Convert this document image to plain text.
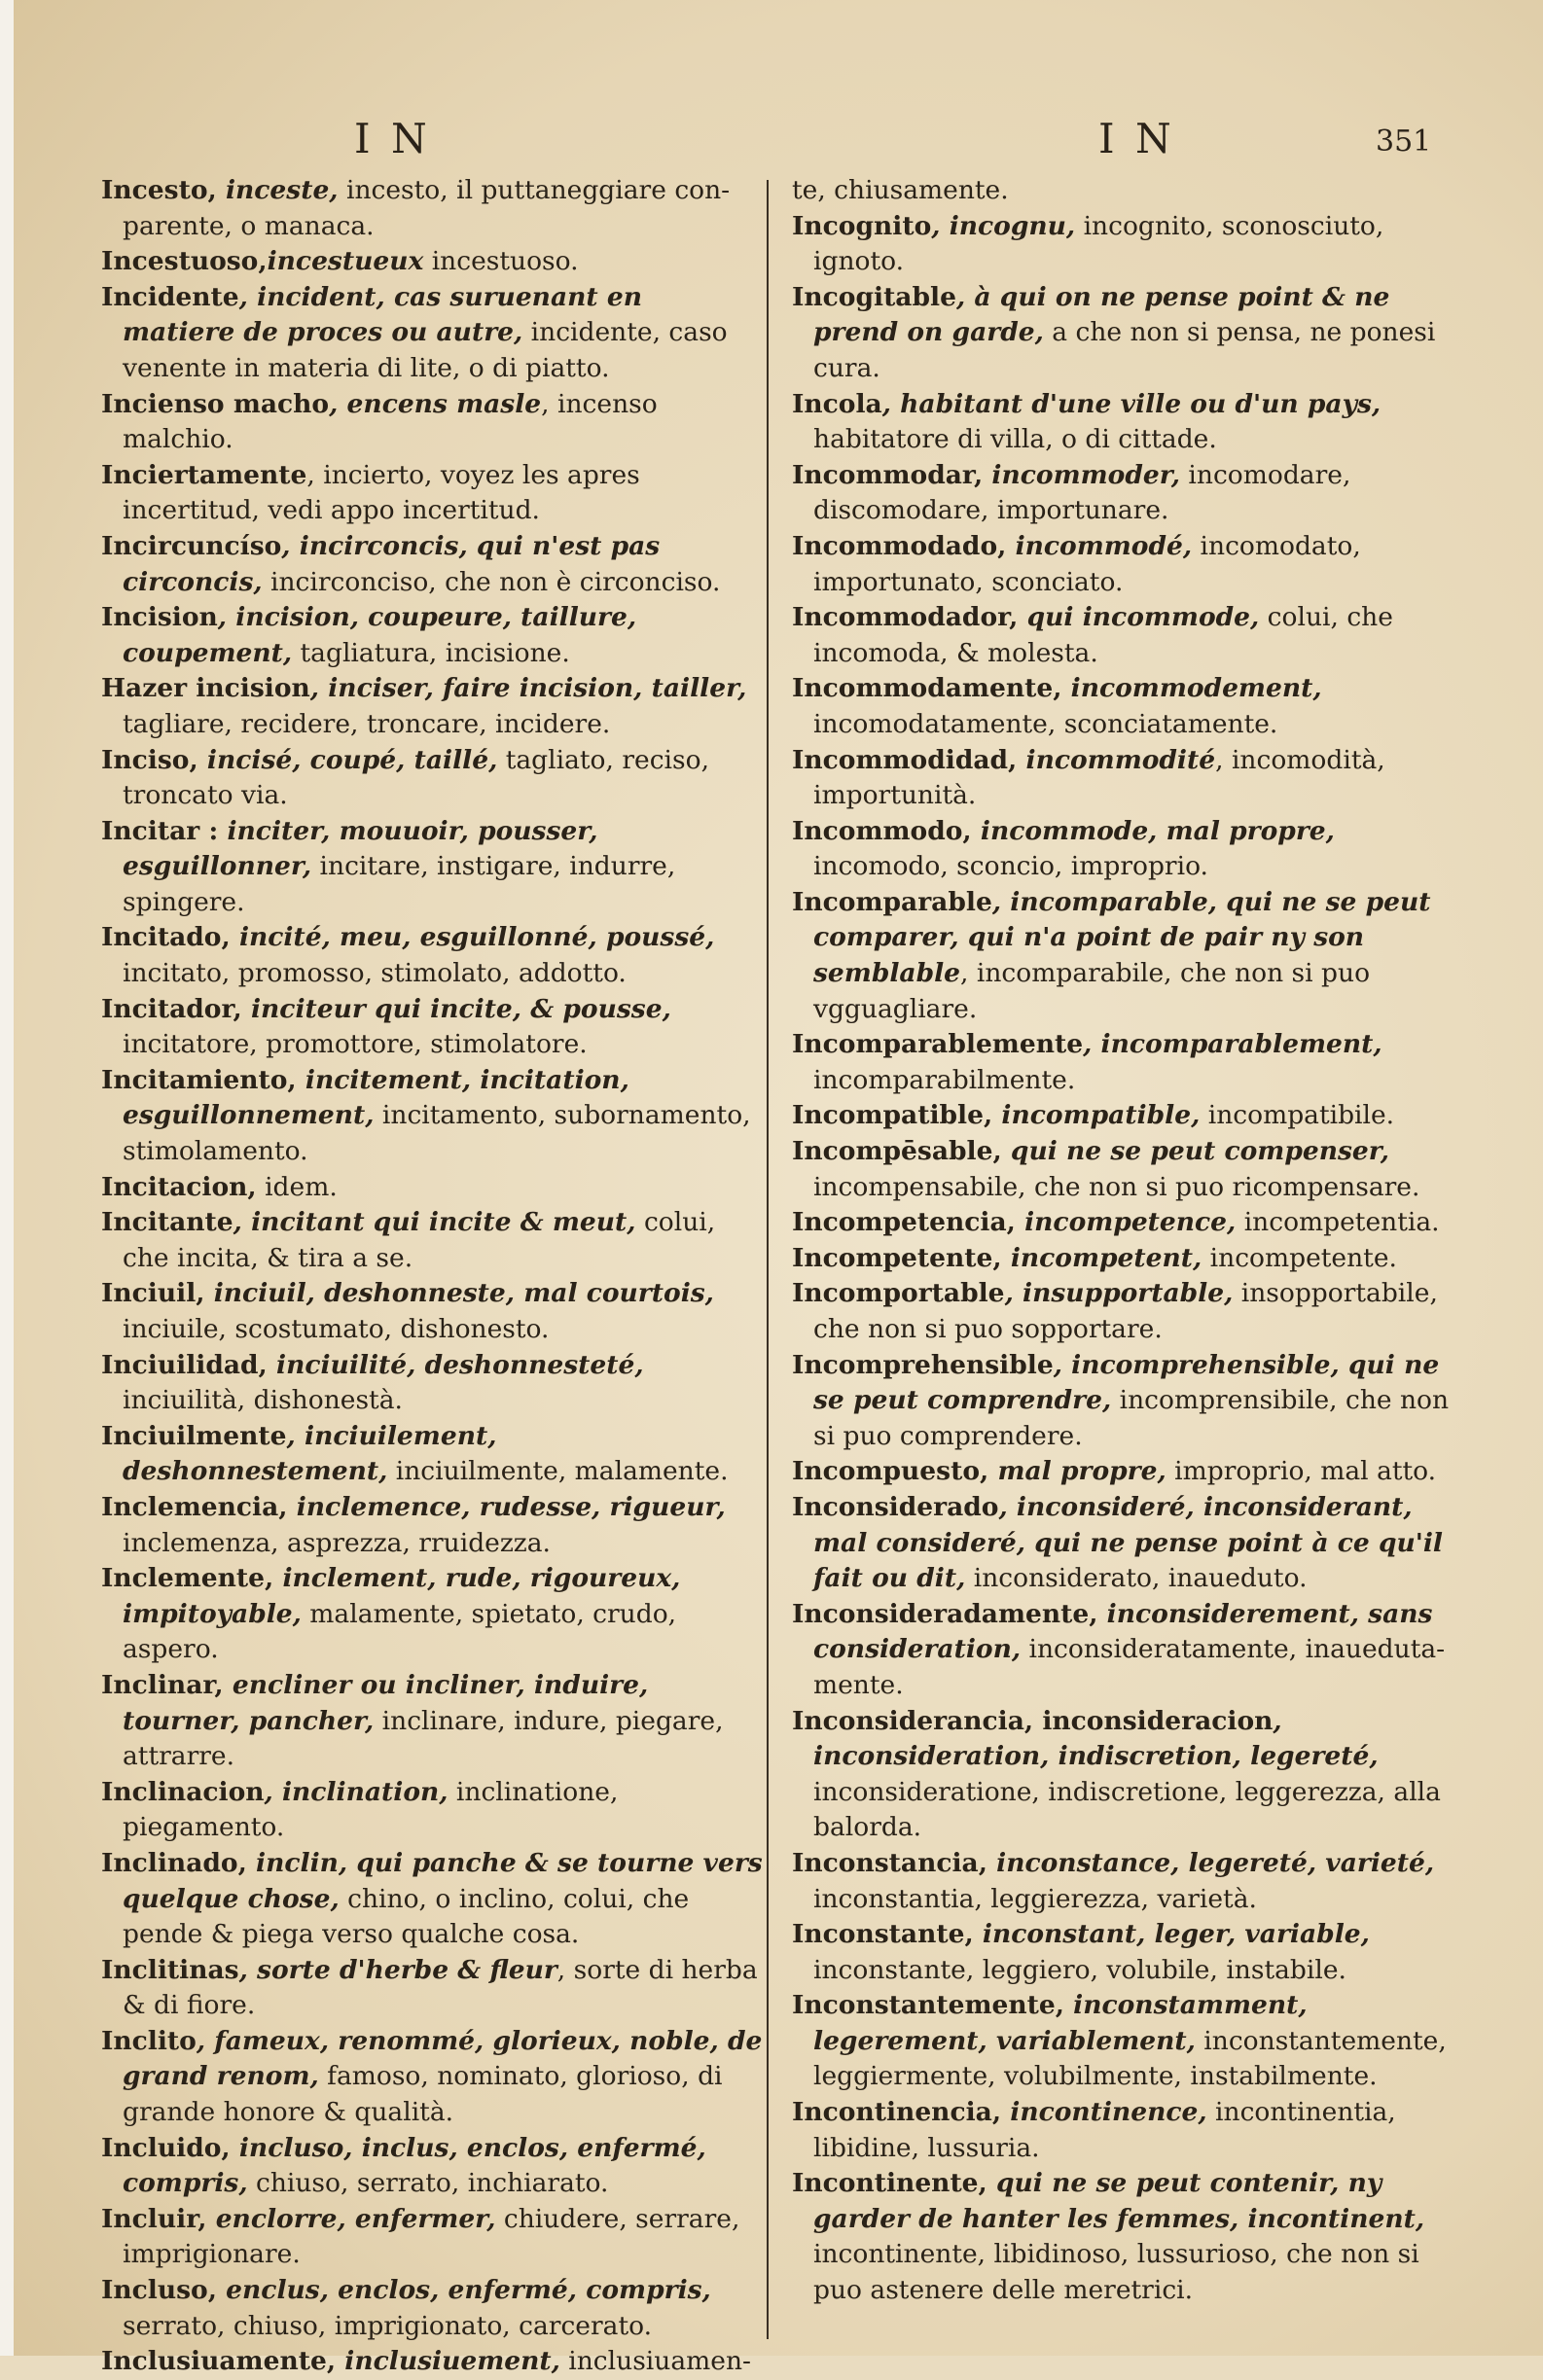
I N	I N	351

Incesto, inceste, incesto, il puttaneggiare con-parente, o manaca.

Incestuoso,incestueux incestuoso.

Incidente, incident, cas suruenant en matiere de proces ou autre, incidente, caso venente in materia di lite, o di piatto.

Incienso macho, encens masle, incenso malchio.

Inciertamente, incierto, voyez les apres incertitud, vedi appo incertitud.

Incircuncíso, incirconcis, qui n'est pas circoncis, incirconciso, che non è circonciso.

Incision, incision, coupeure, taillure, coupement, tagliatura, incisione.

Hazer incision, inciser, faire incision, tailler, tagliare, recidere, troncare, incidere.

Inciso, incisé, coupé, taillé, tagliato, reciso, troncato via.

Incitar : inciter, mouuoir, pousser, esguillonner, incitare, instigare, indurre, spingere.

Incitado, incité, meu, esguillonné, poussé, incitato, promosso, stimolato, addotto.

Incitador, inciteur qui incite, & pousse, incitatore, promottore, stimolatore.

Incitamiento, incitement, incitation, esguillonnement, incitamento, subornamento, stimolamento.

Incitacion, idem.

Incitante, incitant qui incite & meut, colui, che incita, & tira a se.

Inciuil, inciuil, deshonneste, mal courtois, inciuile, scostumato, dishonesto.

Inciuilidad, inciuilité, deshonnesteté, inciuilità, dishonestà.

Inciuilmente, inciuilement, deshonnestement, inciuilmente, malamente.

Inclemencia, inclemence, rudesse, rigueur, inclemenza, asprezza, rruidezza.

Inclemente, inclement, rude, rigoureux, impitoyable, malamente, spietato, crudo, aspero.

Inclinar, encliner ou incliner, induire, tourner, pancher, inclinare, indure, piegare, attrarre.

Inclinacion, inclination, inclinatione, piegamento.

Inclinado, inclin, qui panche & se tourne vers quelque chose, chino, o inclino, colui, che pende & piega verso qualche cosa.

Inclitinas, sorte d'herbe & fleur, sorte di herba & di fiore.

Inclito, fameux, renommé, glorieux, noble, de grand renom, famoso, nominato, glorioso, di grande honore & qualità.

Incluido, incluso, inclus, enclos, enfermé, compris, chiuso, serrato, inchiarato.

Incluir, enclorre, enfermer, chiudere, serrare, imprigionare.

Incluso, enclus, enclos, enfermé, compris, serrato, chiuso, imprigionato, carcerato.

Inclusiuamente, inclusiuement, inclusiuamen-

te, chiusamente.

Incognito, incognu, incognito, sconosciuto, ignoto.

Incogitable, à qui on ne pense point & ne prend on garde, a che non si pensa, ne ponesi cura.

Incola, habitant d'une ville ou d'un pays, habitatore di villa, o di cittade.

Incommodar, incommoder, incomodare, discomodare, importunare.

Incommodado, incommodé, incomodato, importunato, sconciato.

Incommodador, qui incommode, colui, che incomoda, & molesta.

Incommodamente, incommodement, incomodatamente, sconciatamente.

Incommodidad, incommodité, incomodità, importunità.

Incommodo, incommode, mal propre, incomodo, sconcio, improprio.

Incomparable, incomparable, qui ne se peut comparer, qui n'a point de pair ny son semblable, incomparabile, che non si puo vgguagliare.

Incomparablemente, incomparablement, incomparabilmente.

Incompatible, incompatible, incompatibile.

Incompēsable, qui ne se peut compenser, incompensabile, che non si puo ricompensare.

Incompetencia, incompetence, incompetentia.

Incompetente, incompetent, incompetente.

Incomportable, insupportable, insopportabile, che non si puo sopportare.

Incomprehensible, incomprehensible, qui ne se peut comprendre, incomprensibile, che non si puo comprendere.

Incompuesto, mal propre, improprio, mal atto.

Inconsiderado, inconsideré, inconsiderant, mal consideré, qui ne pense point à ce qu'il fait ou dit, inconsiderato, inaueduto.

Inconsideradamente, inconsiderement, sans consideration, inconsideratamente, inaueduta-mente.

Inconsiderancia, inconsideracion, inconsideration, indiscretion, legereté, inconsideratione, indiscretione, leggerezza, alla balorda.

Inconstancia, inconstance, legereté, varieté, inconstantia, leggierezza, varietà.

Inconstante, inconstant, leger, variable, inconstante, leggiero, volubile, instabile.

Inconstantemente, inconstamment, legerement, variablement, inconstantemente, leggiermente, volubilmente, instabilmente.

Incontinencia, incontinence, incontinentia, libidine, lussuria.

Incontinente, qui ne se peut contenir, ny garder de hanter les femmes, incontinent, incontinente, libidinoso, lussurioso, che non si puo astenere delle meretrici.
